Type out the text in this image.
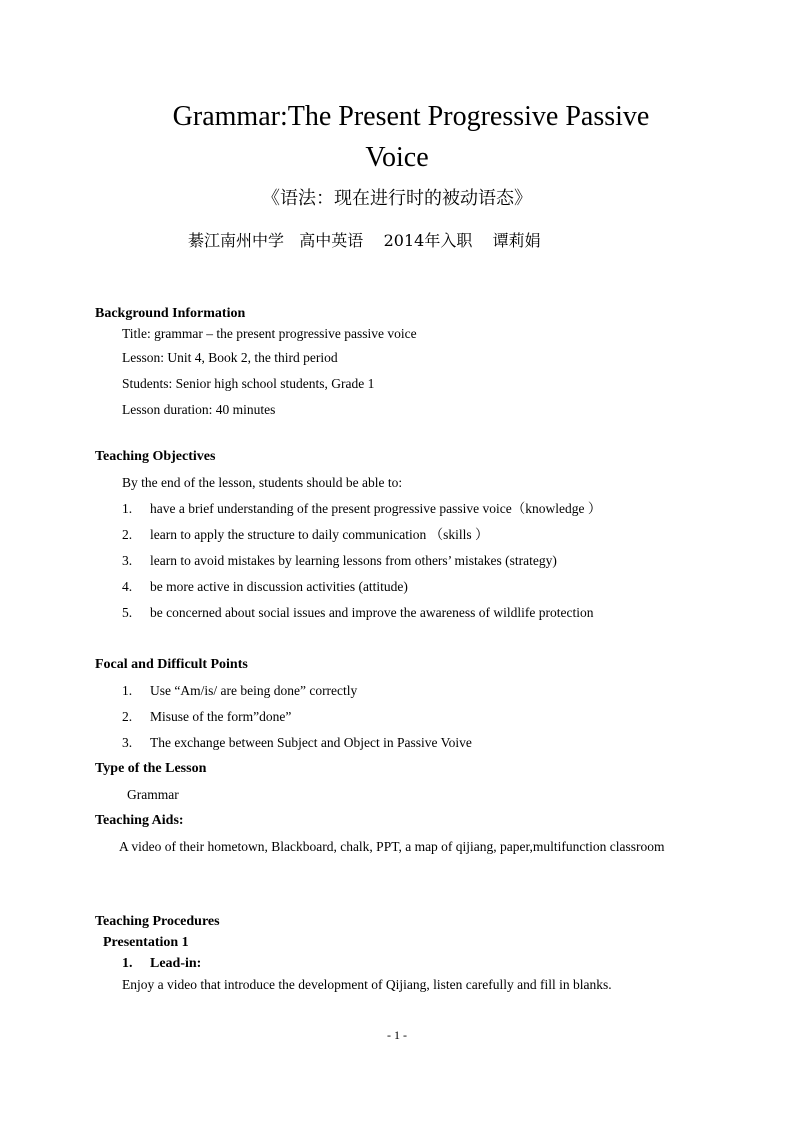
Grammar:The Present Progressive Passive
Voice
《语法：现在进行时的被动语态》
綦江南州中学   高中英语    2014年入职    谭莉娟
Background Information
Title: grammar – the present progressive passive voice
Lesson: Unit 4, Book 2, the third period
Students: Senior high school students, Grade 1
Lesson duration: 40 minutes
Teaching Objectives
By the end of the lesson, students should be able to:
1. have a brief understanding of the present progressive passive voice（knowledge ）
2. learn to apply the structure to daily communication （skills ）
3. learn to avoid mistakes by learning lessons from others’ mistakes (strategy)
4. be more active in discussion activities (attitude)
5. be concerned about social issues and improve the awareness of wildlife protection
Focal and Difficult Points
1. Use “Am/is/ are being done” correctly
2. Misuse of the form”done”
3. The exchange between Subject and Object in Passive Voive
Type of the Lesson
Grammar
Teaching Aids:
A video of their hometown, Blackboard, chalk, PPT, a map of qijiang, paper,multifunction classroom
Teaching Procedures
Presentation 1
1. Lead-in:
Enjoy a video that introduce the development of Qijiang, listen carefully and fill in blanks.
- 1 -
